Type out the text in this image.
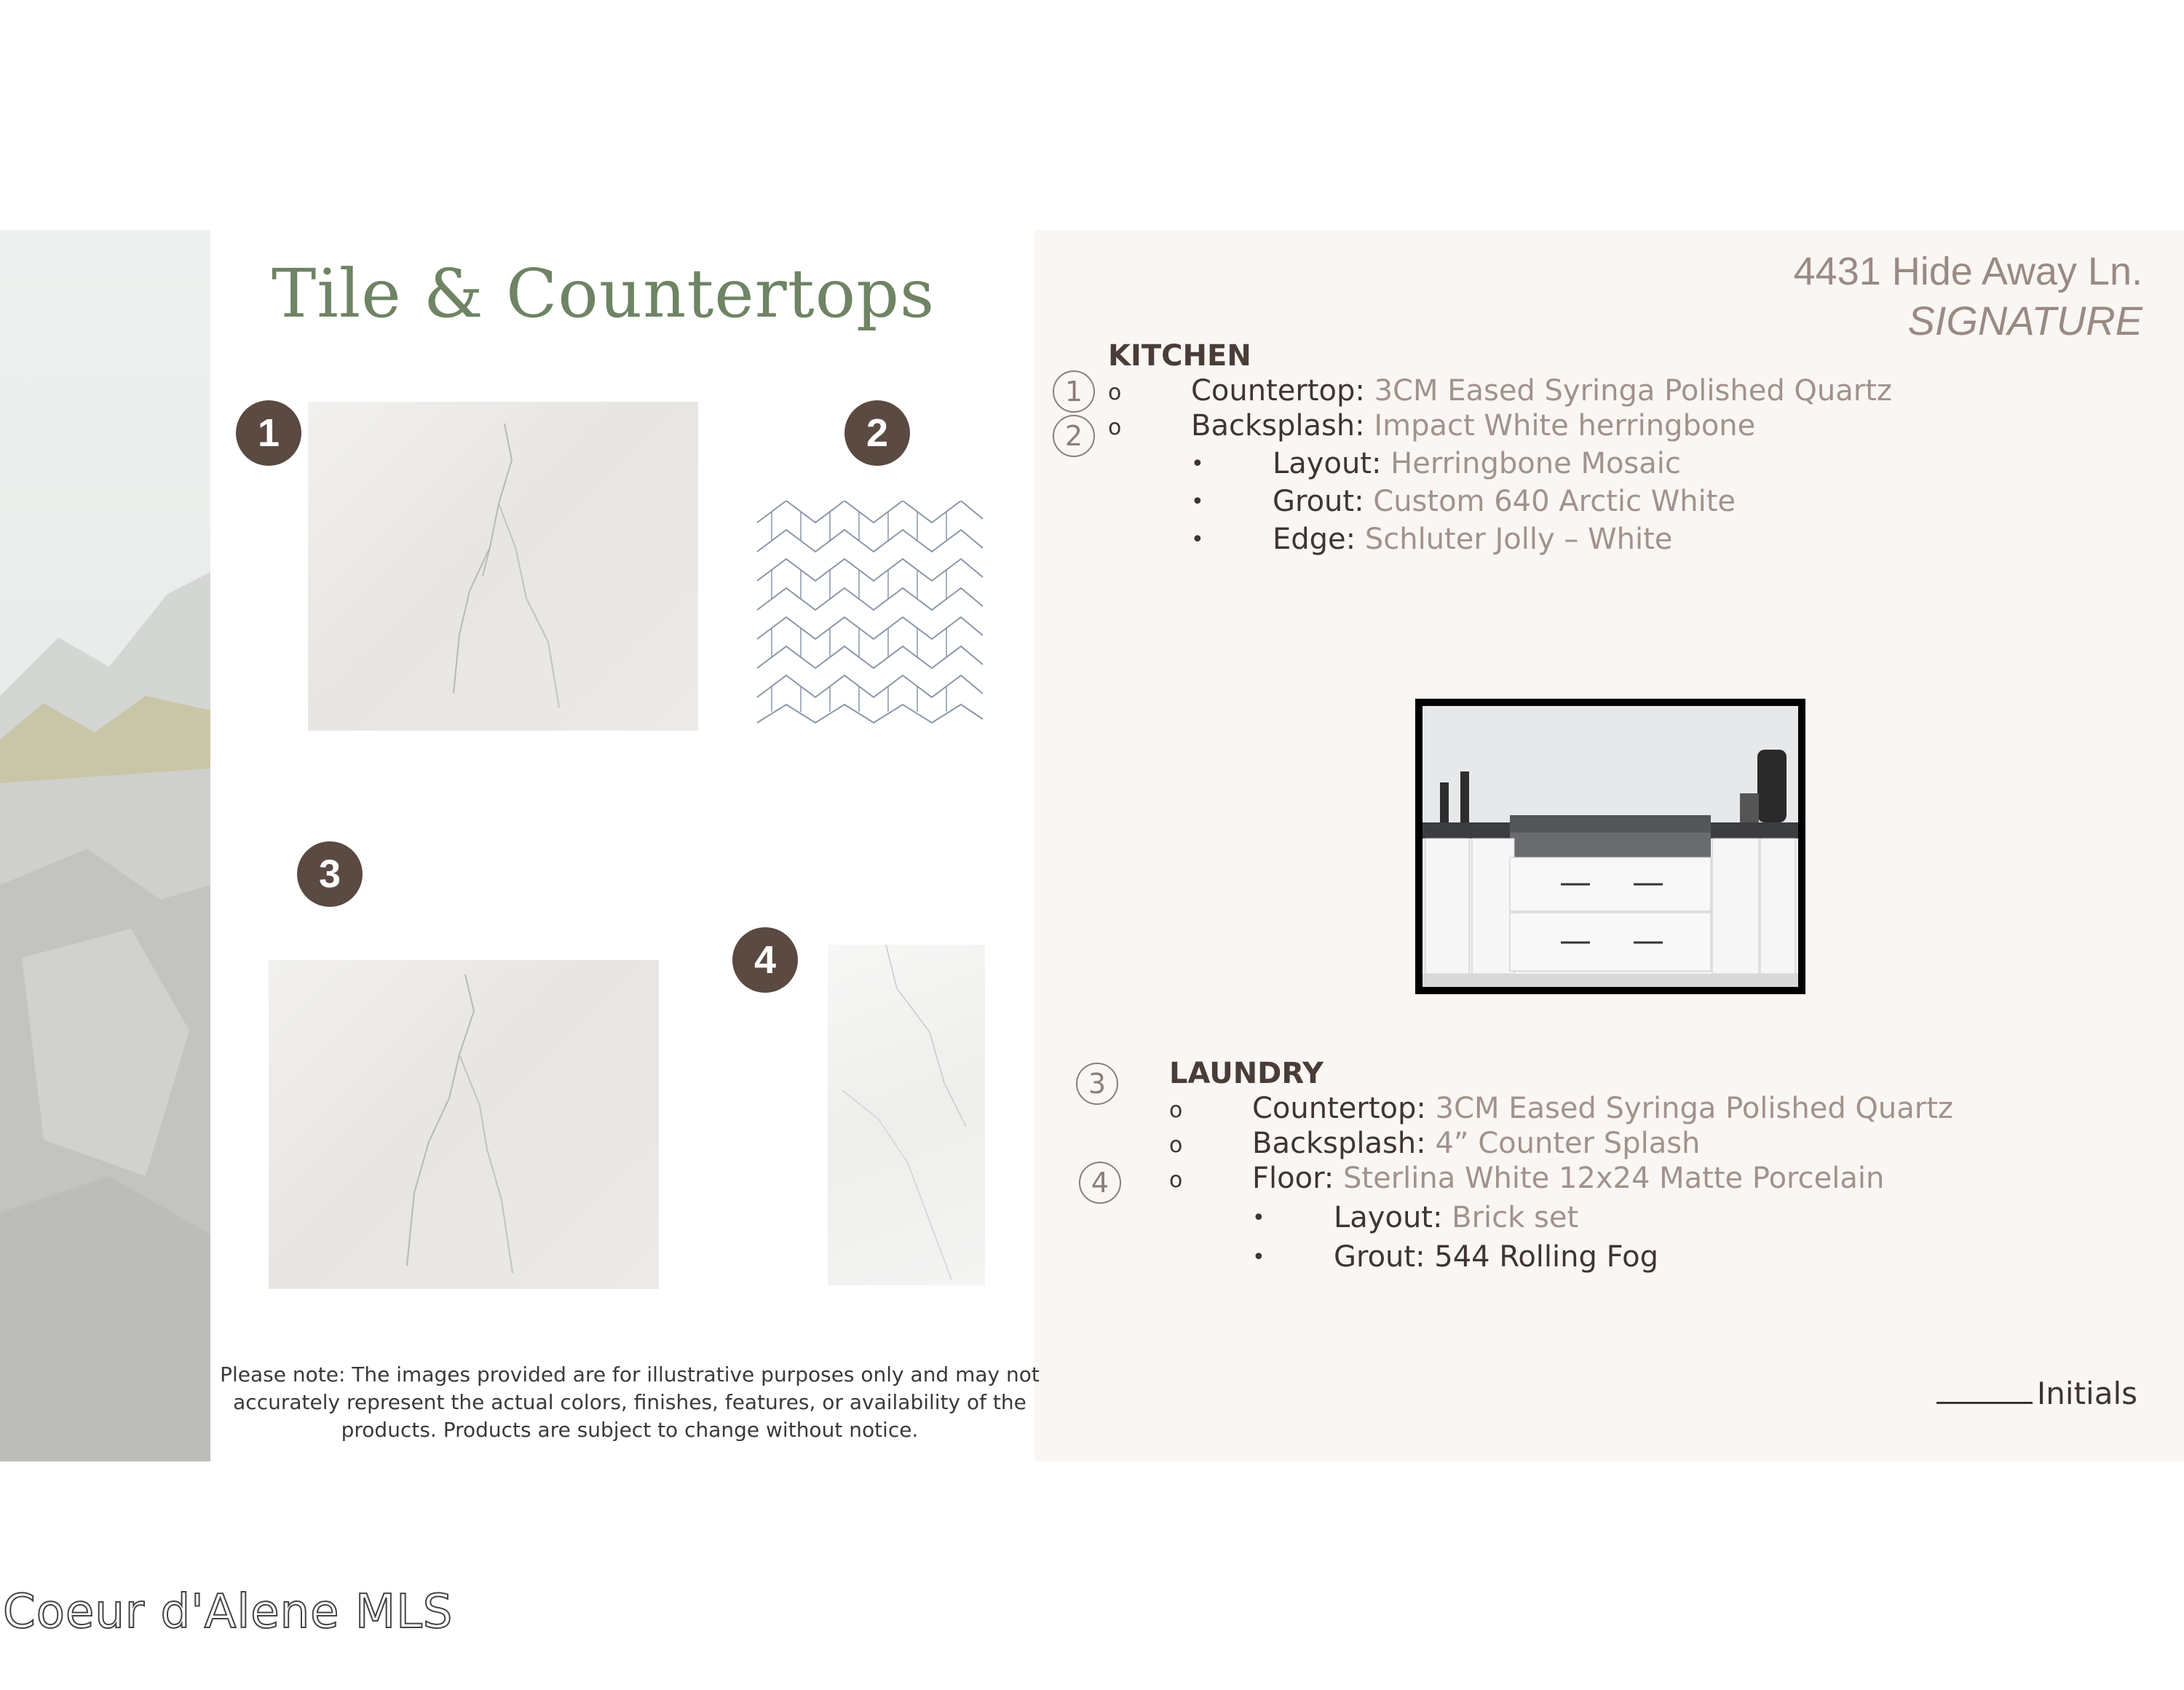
Tile & Countertops
1	2
3
4
Please note: The images provided are for illustrative purposes only and may not accurately represent the actual colors, finishes, features, or availability of the products. Products are subject to change without notice.
4431 Hide Away Ln.
SIGNATURE
KITCHEN
1
2
o Countertop: 3CM Eased Syringa Polished Quartz
o Backsplash: Impact White herringbone
• Layout: Herringbone Mosaic
• Grout: Custom 640 Arctic White
• Edge: Schluter Jolly – White
LAUNDRY
3
4
o Countertop: 3CM Eased Syringa Polished Quartz
o Backsplash: 4” Counter Splash
o Floor: Sterlina White 12x24 Matte Porcelain
• Layout: Brick set
• Grout: 544 Rolling Fog
Initials
Coeur d'Alene MLS
